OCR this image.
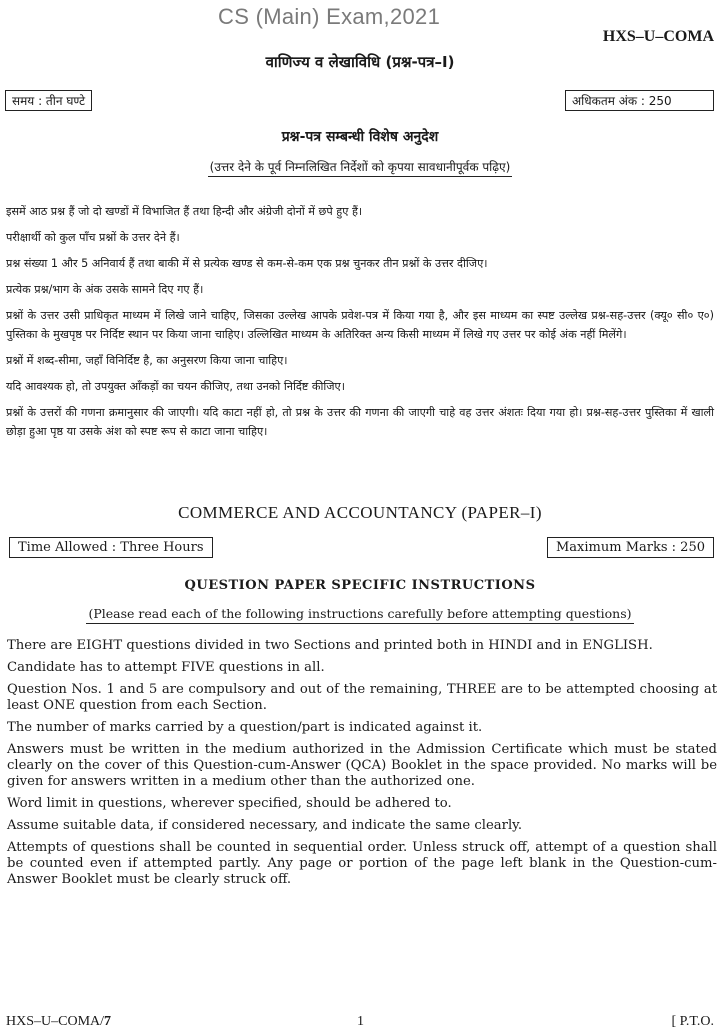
CS (Main) Exam,2021
HXS–U–COMA
वाणिज्य व लेखाविधि (प्रश्न-पत्र–I)
समय : तीन घण्टे	अधिकतम अंक : 250
प्रश्न-पत्र सम्बन्धी विशेष अनुदेश
(उत्तर देने के पूर्व निम्नलिखित निर्देशों को कृपया सावधानीपूर्वक पढ़िए)

इसमें आठ प्रश्न हैं जो दो खण्डों में विभाजित हैं तथा हिन्दी और अंग्रेजी दोनों में छपे हुए हैं।

परीक्षार्थी को कुल पाँच प्रश्नों के उत्तर देने हैं।

प्रश्न संख्या 1 और 5 अनिवार्य हैं तथा बाकी में से प्रत्येक खण्ड से कम-से-कम एक प्रश्न चुनकर तीन प्रश्नों के उत्तर दीजिए।

प्रत्येक प्रश्न/भाग के अंक उसके सामने दिए गए हैं।

प्रश्नों के उत्तर उसी प्राधिकृत माध्यम में लिखे जाने चाहिए, जिसका उल्लेख आपके प्रवेश-पत्र में किया गया है, और इस माध्यम का स्पष्ट उल्लेख प्रश्न-सह-उत्तर (क्यू० सी० ए०) पुस्तिका के मुखपृष्ठ पर निर्दिष्ट स्थान पर किया जाना चाहिए। उल्लिखित माध्यम के अतिरिक्त अन्य किसी माध्यम में लिखे गए उत्तर पर कोई अंक नहीं मिलेंगे।

प्रश्नों में शब्द-सीमा, जहाँ विनिर्दिष्ट है, का अनुसरण किया जाना चाहिए।

यदि आवश्यक हो, तो उपयुक्त आँकड़ों का चयन कीजिए, तथा उनको निर्दिष्ट कीजिए।

प्रश्नों के उत्तरों की गणना क्रमानुसार की जाएगी। यदि काटा नहीं हो, तो प्रश्न के उत्तर की गणना की जाएगी चाहे वह उत्तर अंशतः दिया गया हो। प्रश्न-सह-उत्तर पुस्तिका में खाली छोड़ा हुआ पृष्ठ या उसके अंश को स्पष्ट रूप से काटा जाना चाहिए।

COMMERCE AND ACCOUNTANCY (PAPER–I)
Time Allowed : Three Hours	Maximum Marks : 250
QUESTION PAPER SPECIFIC INSTRUCTIONS
(Please read each of the following instructions carefully before attempting questions)

There are EIGHT questions divided in two Sections and printed both in HINDI and in ENGLISH.

Candidate has to attempt FIVE questions in all.

Question Nos. 1 and 5 are compulsory and out of the remaining, THREE are to be attempted choosing at least ONE question from each Section.

The number of marks carried by a question/part is indicated against it.

Answers must be written in the medium authorized in the Admission Certificate which must be stated clearly on the cover of this Question-cum-Answer (QCA) Booklet in the space provided. No marks will be given for answers written in a medium other than the authorized one.

Word limit in questions, wherever specified, should be adhered to.

Assume suitable data, if considered necessary, and indicate the same clearly.

Attempts of questions shall be counted in sequential order. Unless struck off, attempt of a question shall be counted even if attempted partly. Any page or portion of the page left blank in the Question-cum-Answer Booklet must be clearly struck off.

HXS–U–COMA/7	1	[ P.T.O.
